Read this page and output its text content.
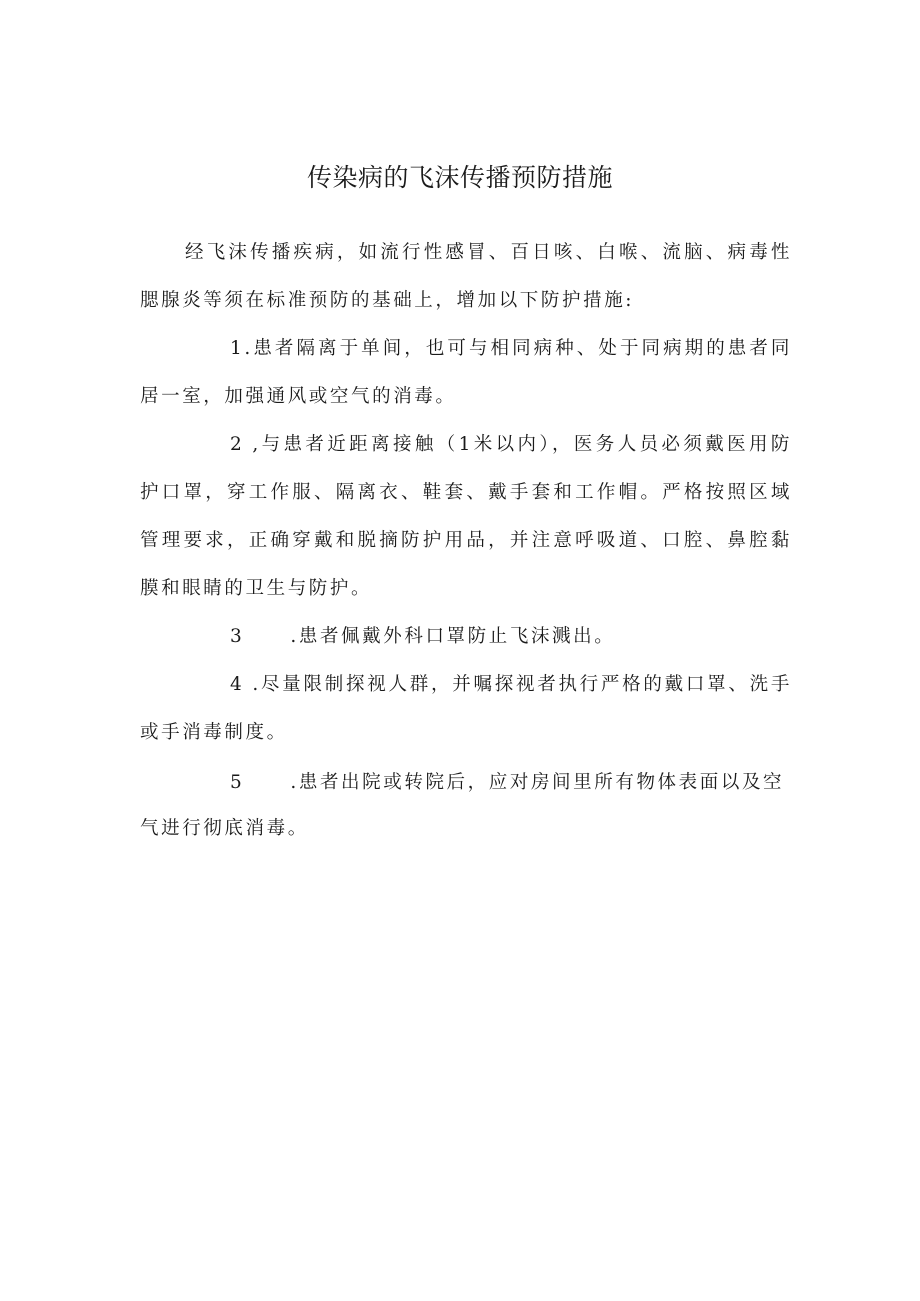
传染病的飞沫传播预防措施

经飞沫传播疾病，如流行性感冒、百日咳、白喉、流脑、病毒性腮腺炎等须在标准预防的基础上，增加以下防护措施:

1.患者隔离于单间，也可与相同病种、处于同病期的患者同居一室，加强通风或空气的消毒。

2 ,与患者近距离接触（1米以内），医务人员必须戴医用防护口罩，穿工作服、隔离衣、鞋套、戴手套和工作帽。严格按照区域管理要求，正确穿戴和脱摘防护用品，并注意呼吸道、口腔、鼻腔黏膜和眼睛的卫生与防护。

3 .患者佩戴外科口罩防止飞沫溅出。

4 .尽量限制探视人群，并嘱探视者执行严格的戴口罩、洗手或手消毒制度。

5 .患者出院或转院后，应对房间里所有物体表面以及空

气进行彻底消毒。
